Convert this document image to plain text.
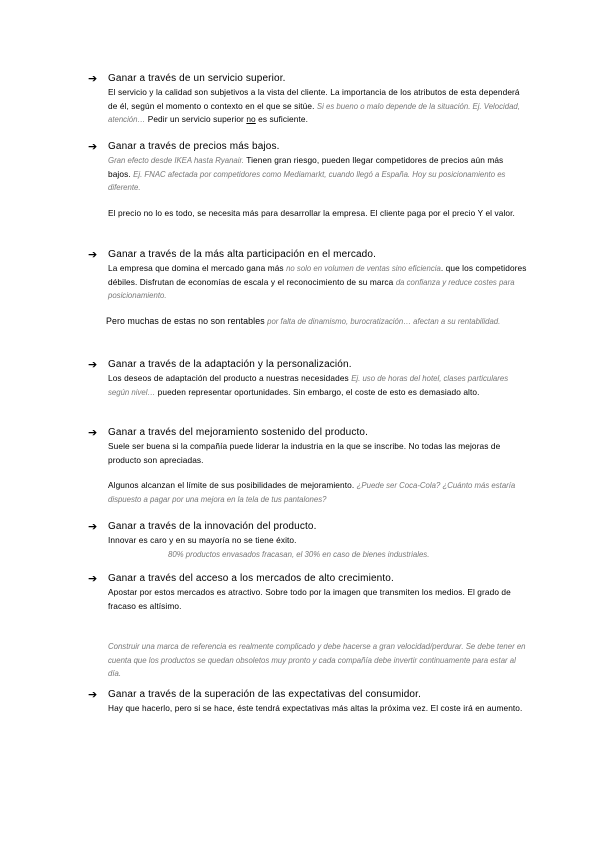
➔	Ganar a través de un servicio superior.
El servicio y la calidad son subjetivos a la vista del cliente. La importancia de los atributos de esta dependerá de él, según el momento o contexto en el que se sitúe. Si es bueno o malo depende de la situación. Ej. Velocidad, atención… Pedir un servicio superior no es suficiente.
➔	Ganar a través de precios más bajos.
Gran efecto desde IKEA hasta Ryanair. Tienen gran riesgo, pueden llegar competidores de precios aún más bajos. Ej. FNAC afectada por competidores como Mediamarkt, cuando llegó a España. Hoy su posicionamiento es diferente.
El precio no lo es todo, se necesita más para desarrollar la empresa. El cliente paga por el precio Y el valor.
➔	Ganar a través de la más alta participación en el mercado.
La empresa que domina el mercado gana más no solo en volumen de ventas sino eficiencia. que los competidores débiles. Disfrutan de economías de escala y el reconocimiento de su marca da confianza y reduce costes para posicionamiento.
Pero muchas de estas no son rentables por falta de dinamismo, burocratización… afectan a su rentabilidad.
➔	Ganar a través de la adaptación y la personalización.
Los deseos de adaptación del producto a nuestras necesidades Ej. uso de horas del hotel, clases particulares según nivel… pueden representar oportunidades. Sin embargo, el coste de esto es demasiado alto.
➔	Ganar a través del mejoramiento sostenido del producto.
Suele ser buena si la compañía puede liderar la industria en la que se inscribe. No todas las mejoras de producto son apreciadas.
Algunos alcanzan el límite de sus posibilidades de mejoramiento. ¿Puede ser Coca-Cola? ¿Cuánto más estaría dispuesto a pagar por una mejora en la tela de tus pantalones?
➔	Ganar a través de la innovación del producto.
Innovar es caro y en su mayoría no se tiene éxito.
80% productos envasados fracasan, el 30% en caso de bienes industriales.
➔	Ganar a través del acceso a los mercados de alto crecimiento.
Apostar por estos mercados es atractivo. Sobre todo por la imagen que transmiten los medios. El grado de fracaso es altísimo.
Construir una marca de referencia es realmente complicado y debe hacerse a gran velocidad/perdurar. Se debe tener en cuenta que los productos se quedan obsoletos muy pronto y cada compañía debe invertir continuamente para estar al día.
➔	Ganar a través de la superación de las expectativas del consumidor.
Hay que hacerlo, pero si se hace, éste tendrá expectativas más altas la próxima vez. El coste irá en aumento.
